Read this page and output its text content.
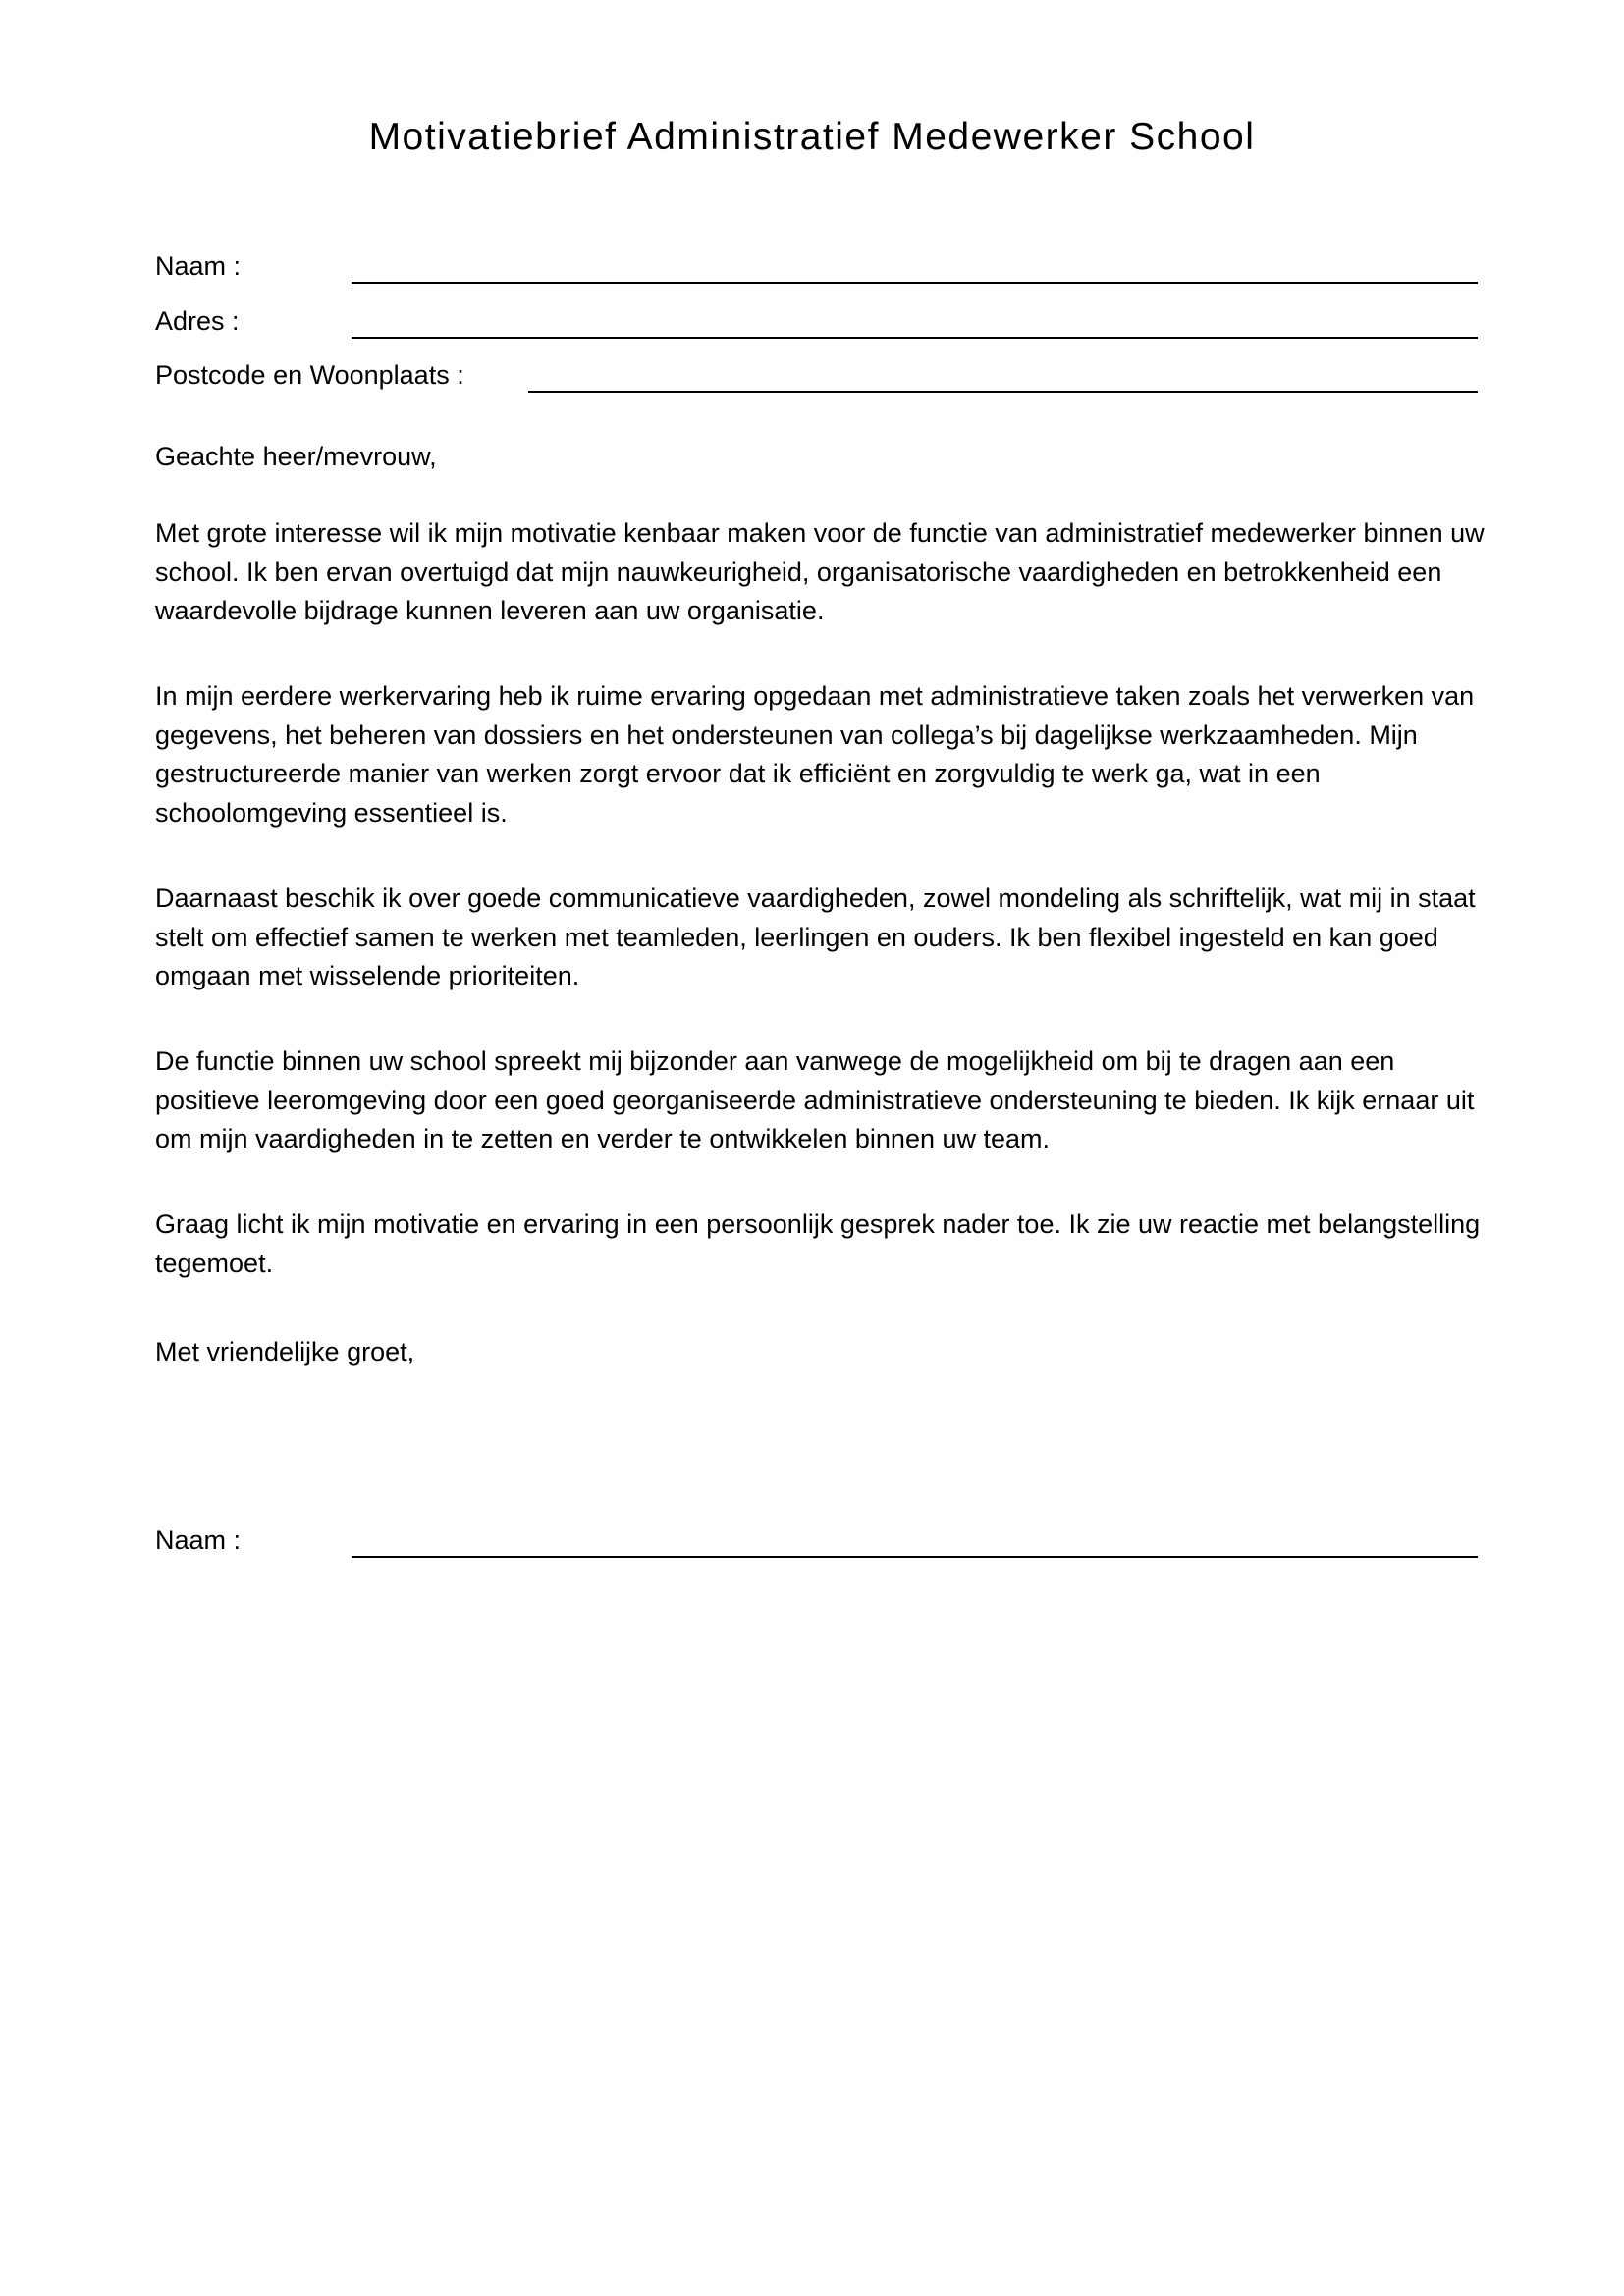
Motivatiebrief Administratief Medewerker School
Naam :
Adres :
Postcode en Woonplaats :

Geachte heer/mevrouw,

Met grote interesse wil ik mijn motivatie kenbaar maken voor de functie van administratief medewerker binnen uw school. Ik ben ervan overtuigd dat mijn nauwkeurigheid, organisatorische vaardigheden en betrokkenheid een waardevolle bijdrage kunnen leveren aan uw organisatie.

In mijn eerdere werkervaring heb ik ruime ervaring opgedaan met administratieve taken zoals het verwerken van gegevens, het beheren van dossiers en het ondersteunen van collega’s bij dagelijkse werkzaamheden. Mijn gestructureerde manier van werken zorgt ervoor dat ik efficiënt en zorgvuldig te werk ga, wat in een schoolomgeving essentieel is.

Daarnaast beschik ik over goede communicatieve vaardigheden, zowel mondeling als schriftelijk, wat mij in staat stelt om effectief samen te werken met teamleden, leerlingen en ouders. Ik ben flexibel ingesteld en kan goed omgaan met wisselende prioriteiten.

De functie binnen uw school spreekt mij bijzonder aan vanwege de mogelijkheid om bij te dragen aan een positieve leeromgeving door een goed georganiseerde administratieve ondersteuning te bieden. Ik kijk ernaar uit om mijn vaardigheden in te zetten en verder te ontwikkelen binnen uw team.

Graag licht ik mijn motivatie en ervaring in een persoonlijk gesprek nader toe. Ik zie uw reactie met belangstelling tegemoet.

Met vriendelijke groet,

Naam :
